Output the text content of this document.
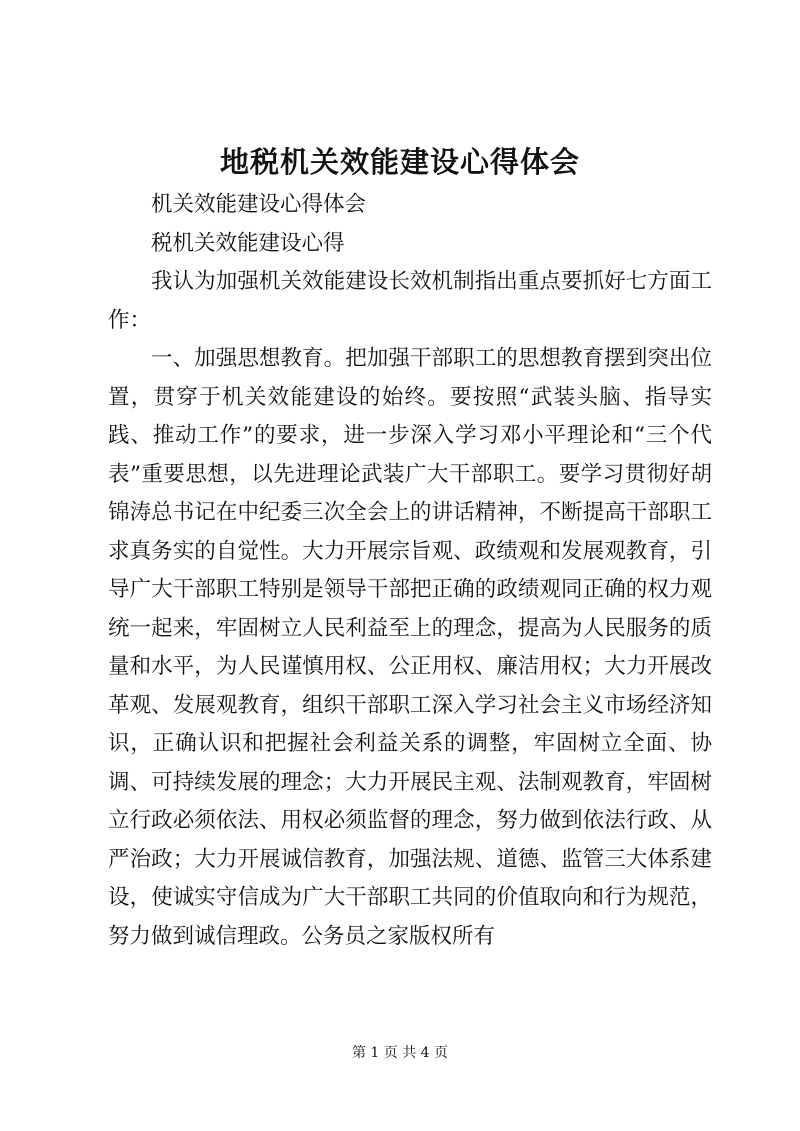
地税机关效能建设心得体会

机关效能建设心得体会

税机关效能建设心得

我认为加强机关效能建设长效机制指出重点要抓好七方面工作：

一、加强思想教育。把加强干部职工的思想教育摆到突出位置，贯穿于机关效能建设的始终。要按照“武装头脑、指导实践、推动工作”的要求，进一步深入学习邓小平理论和“三个代表”重要思想，以先进理论武装广大干部职工。要学习贯彻好胡锦涛总书记在中纪委三次全会上的讲话精神，不断提高干部职工求真务实的自觉性。大力开展宗旨观、政绩观和发展观教育，引导广大干部职工特别是领导干部把正确的政绩观同正确的权力观统一起来，牢固树立人民利益至上的理念，提高为人民服务的质量和水平，为人民谨慎用权、公正用权、廉洁用权；大力开展改革观、发展观教育，组织干部职工深入学习社会主义市场经济知识，正确认识和把握社会利益关系的调整，牢固树立全面、协调、可持续发展的理念；大力开展民主观、法制观教育，牢固树立行政必须依法、用权必须监督的理念，努力做到依法行政、从严治政；大力开展诚信教育，加强法规、道德、监管三大体系建设，使诚实守信成为广大干部职工共同的价值取向和行为规范，努力做到诚信理政。公务员之家版权所有

第 1 页 共 4 页
